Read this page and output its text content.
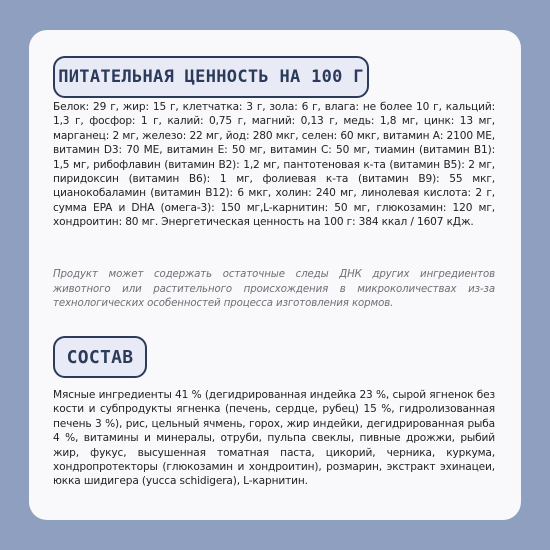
ПИТАТЕЛЬНАЯ ЦЕННОСТЬ НА 100 Г

Белок: 29 г, жир: 15 г, клетчатка: 3 г, зола: 6 г, влага: не более 10 г, кальций: 1,3 г, фосфор: 1 г, калий: 0,75 г, магний: 0,13 г, медь: 1,8 мг, цинк: 13 мг, марганец: 2 мг, железо: 22 мг, йод: 280 мкг, селен: 60 мкг, витамин А: 2100 МЕ, витамин D3: 70 МЕ, витамин Е: 50 мг, витамин С: 50 мг, тиамин (витамин В1): 1,5 мг, рибофлавин (витамин В2): 1,2 мг, пантотеновая к-та (витамин В5): 2 мг, пиридоксин (витамин В6): 1 мг, фолиевая к-та (витамин В9): 55 мкг, цианокобаламин (витамин В12): 6 мкг, холин: 240 мг, линолевая кислота: 2 г, сумма EPA и DHA (омега-3): 150 мг,L-карнитин: 50 мг, глюкозамин: 120 мг, хондроитин: 80 мг. Энергетическая ценность на 100 г: 384 ккал / 1607 кДж.

Продукт может содержать остаточные следы ДНК других ингредиентов животного или растительного происхождения в микроколичествах из-за технологических особенностей процесса изготовления кормов.

СОСТАВ

Мясные ингредиенты 41 % (дегидрированная индейка 23 %, сырой ягненок без кости и субпродукты ягненка (печень, сердце, рубец) 15 %, гидролизованная печень 3 %), рис, цельный ячмень, горох, жир индейки, дегидрированная рыба 4 %, витамины и минералы, отруби, пульпа свеклы, пивные дрожжи, рыбий жир, фукус, высушенная томатная паста, цикорий, черника, куркума, хондропротекторы (глюкозамин и хондроитин), розмарин, экстракт эхинацеи, юкка шидигера (yucca schidigera), L-карнитин.
